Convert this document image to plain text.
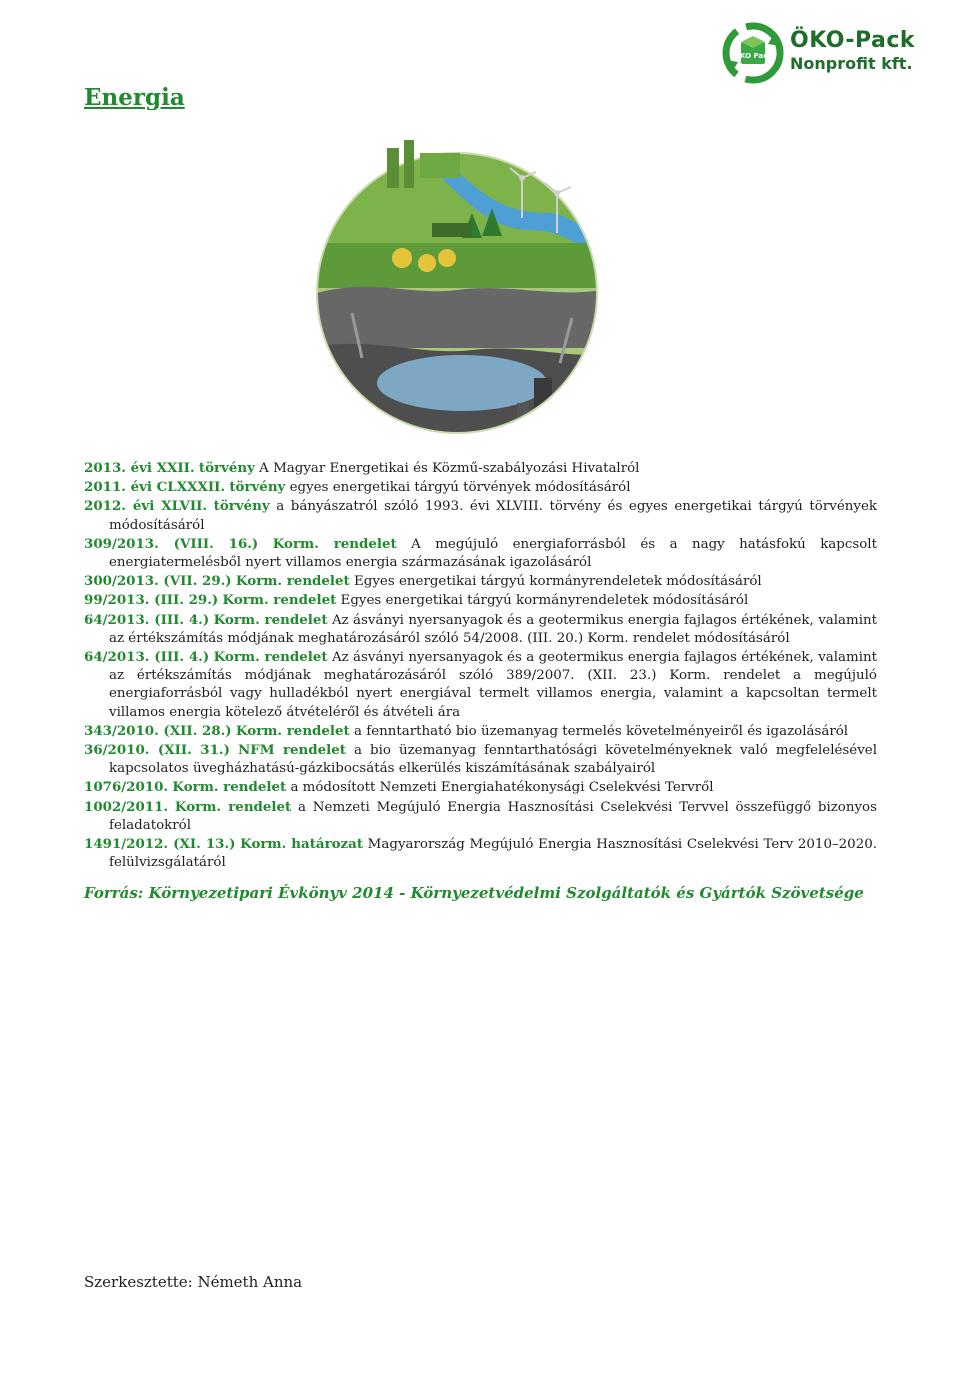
Energia
ÖKO Pack
ÖKO-Pack
Nonprofit kft.

2013. évi XXII. törvény A Magyar Energetikai és Közmű-szabályozási Hivatalról

2011. évi CLXXXII. törvény egyes energetikai tárgyú törvények módosításáról

2012. évi XLVII. törvény a bányászatról szóló 1993. évi XLVIII. törvény és egyes energetikai tárgyú törvények módosításáról

309/2013. (VIII. 16.) Korm. rendelet A megújuló energiaforrásból és a nagy hatásfokú kapcsolt energiatermelésből nyert villamos energia származásának igazolásáról

300/2013. (VII. 29.) Korm. rendelet Egyes energetikai tárgyú kormányrendeletek módosításáról

99/2013. (III. 29.) Korm. rendelet Egyes energetikai tárgyú kormányrendeletek módosításáról

64/2013. (III. 4.) Korm. rendelet Az ásványi nyersanyagok és a geotermikus energia fajlagos értékének, valamint az értékszámítás módjának meghatározásáról szóló 54/2008. (III. 20.) Korm. rendelet módosításáról

64/2013. (III. 4.) Korm. rendelet Az ásványi nyersanyagok és a geotermikus energia fajlagos értékének, valamint az értékszámítás módjának meghatározásáról szóló 389/2007. (XII. 23.) Korm. rendelet a megújuló energiaforrásból vagy hulladékból nyert energiával termelt villamos energia, valamint a kapcsoltan termelt villamos energia kötelező átvételéről és átvételi ára

343/2010. (XII. 28.) Korm. rendelet a fenntartható bio üzemanyag termelés követelményeiről és igazolásáról

36/2010. (XII. 31.) NFM rendelet a bio üzemanyag fenntarthatósági követelményeknek való megfelelésével kapcsolatos üvegházhatású-gázkibocsátás elkerülés kiszámításának szabályairól

1076/2010. Korm. rendelet a módosított Nemzeti Energiahatékonysági Cselekvési Tervről

1002/2011. Korm. rendelet a Nemzeti Megújuló Energia Hasznosítási Cselekvési Tervvel összefüggő bizonyos feladatokról

1491/2012. (XI. 13.) Korm. határozat Magyarország Megújuló Energia Hasznosítási Cselekvési Terv 2010–2020. felülvizsgálatáról

Forrás: Környezetipari Évkönyv 2014 - Környezetvédelmi Szolgáltatók és Gyártók Szövetsége

Szerkesztette: Németh Anna
